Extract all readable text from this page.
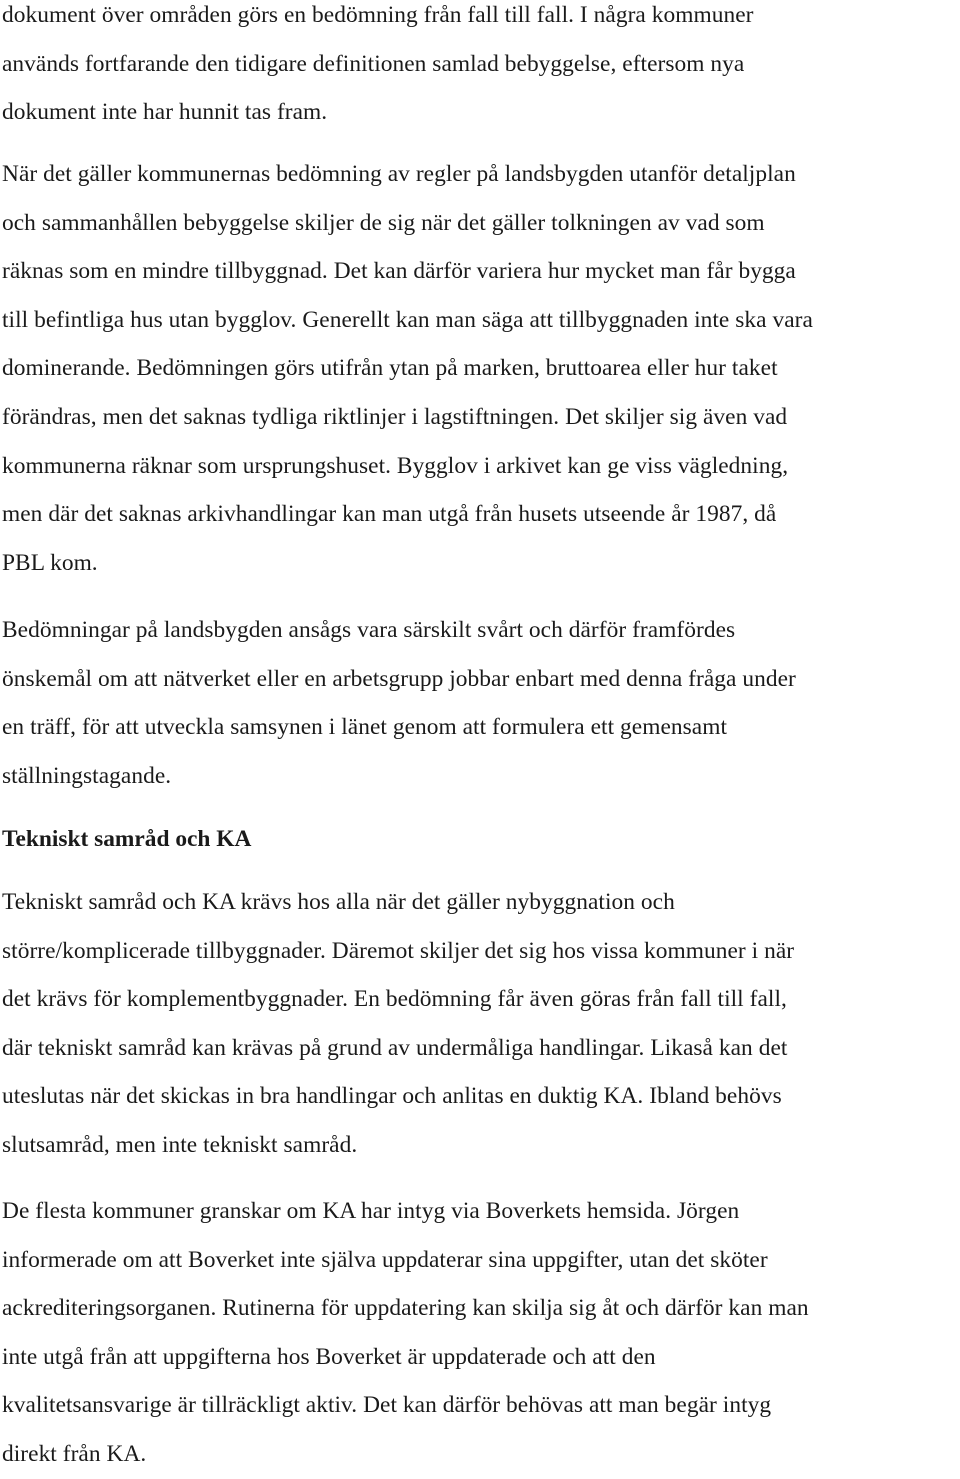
dokument över områden görs en bedömning från fall till fall. I några kommuner
används fortfarande den tidigare definitionen samlad bebyggelse, eftersom nya
dokument inte har hunnit tas fram.

När det gäller kommunernas bedömning av regler på landsbygden utanför detaljplan
och sammanhållen bebyggelse skiljer de sig när det gäller tolkningen av vad som
räknas som en mindre tillbyggnad. Det kan därför variera hur mycket man får bygga
till befintliga hus utan bygglov. Generellt kan man säga att tillbyggnaden inte ska vara
dominerande. Bedömningen görs utifrån ytan på marken, bruttoarea eller hur taket
förändras, men det saknas tydliga riktlinjer i lagstiftningen. Det skiljer sig även vad
kommunerna räknar som ursprungshuset. Bygglov i arkivet kan ge viss vägledning,
men där det saknas arkivhandlingar kan man utgå från husets utseende år 1987, då
PBL kom.

Bedömningar på landsbygden ansågs vara särskilt svårt och därför framfördes
önskemål om att nätverket eller en arbetsgrupp jobbar enbart med denna fråga under
en träff, för att utveckla samsynen i länet genom att formulera ett gemensamt
ställningstagande.

Tekniskt samråd och KA

Tekniskt samråd och KA krävs hos alla när det gäller nybyggnation och
större/komplicerade tillbyggnader. Däremot skiljer det sig hos vissa kommuner i när
det krävs för komplementbyggnader. En bedömning får även göras från fall till fall,
där tekniskt samråd kan krävas på grund av undermåliga handlingar. Likaså kan det
uteslutas när det skickas in bra handlingar och anlitas en duktig KA. Ibland behövs
slutsamråd, men inte tekniskt samråd.

De flesta kommuner granskar om KA har intyg via Boverkets hemsida. Jörgen
informerade om att Boverket inte själva uppdaterar sina uppgifter, utan det sköter
ackrediteringsorganen. Rutinerna för uppdatering kan skilja sig åt och därför kan man
inte utgå från att uppgifterna hos Boverket är uppdaterade och att den
kvalitetsansvarige är tillräckligt aktiv. Det kan därför behövas att man begär intyg
direkt från KA.
